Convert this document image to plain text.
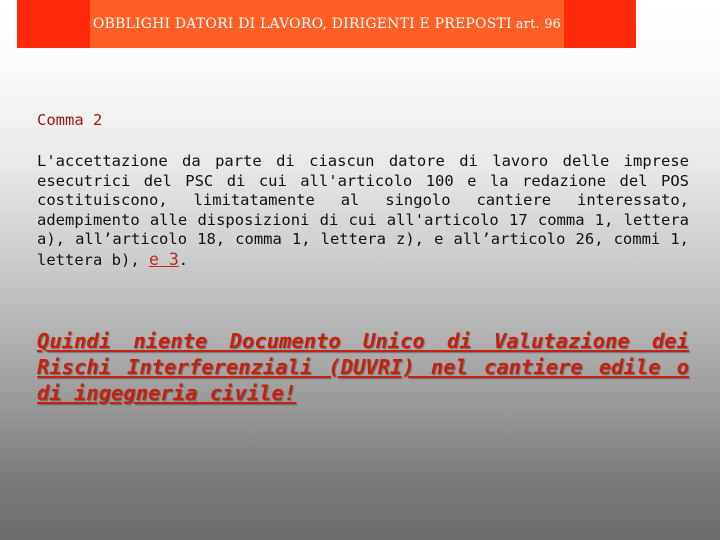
OBBLIGHI DATORI DI LAVORO, DIRIGENTI E PREPOSTI art. 96
Comma 2

L'accettazione da parte di ciascun datore di lavoro delle imprese esecutrici del PSC di cui all'articolo 100 e la redazione del POS costituiscono, limitatamente al singolo cantiere interessato, adempimento alle disposizioni di cui all'articolo 17 comma 1, lettera a), all’articolo 18, comma 1, lettera z), e all’articolo 26, commi 1, lettera b), e 3.

Quindi niente Documento Unico di Valutazione dei Rischi Interferenziali (DUVRI) nel cantiere edile o di ingegneria civile!
